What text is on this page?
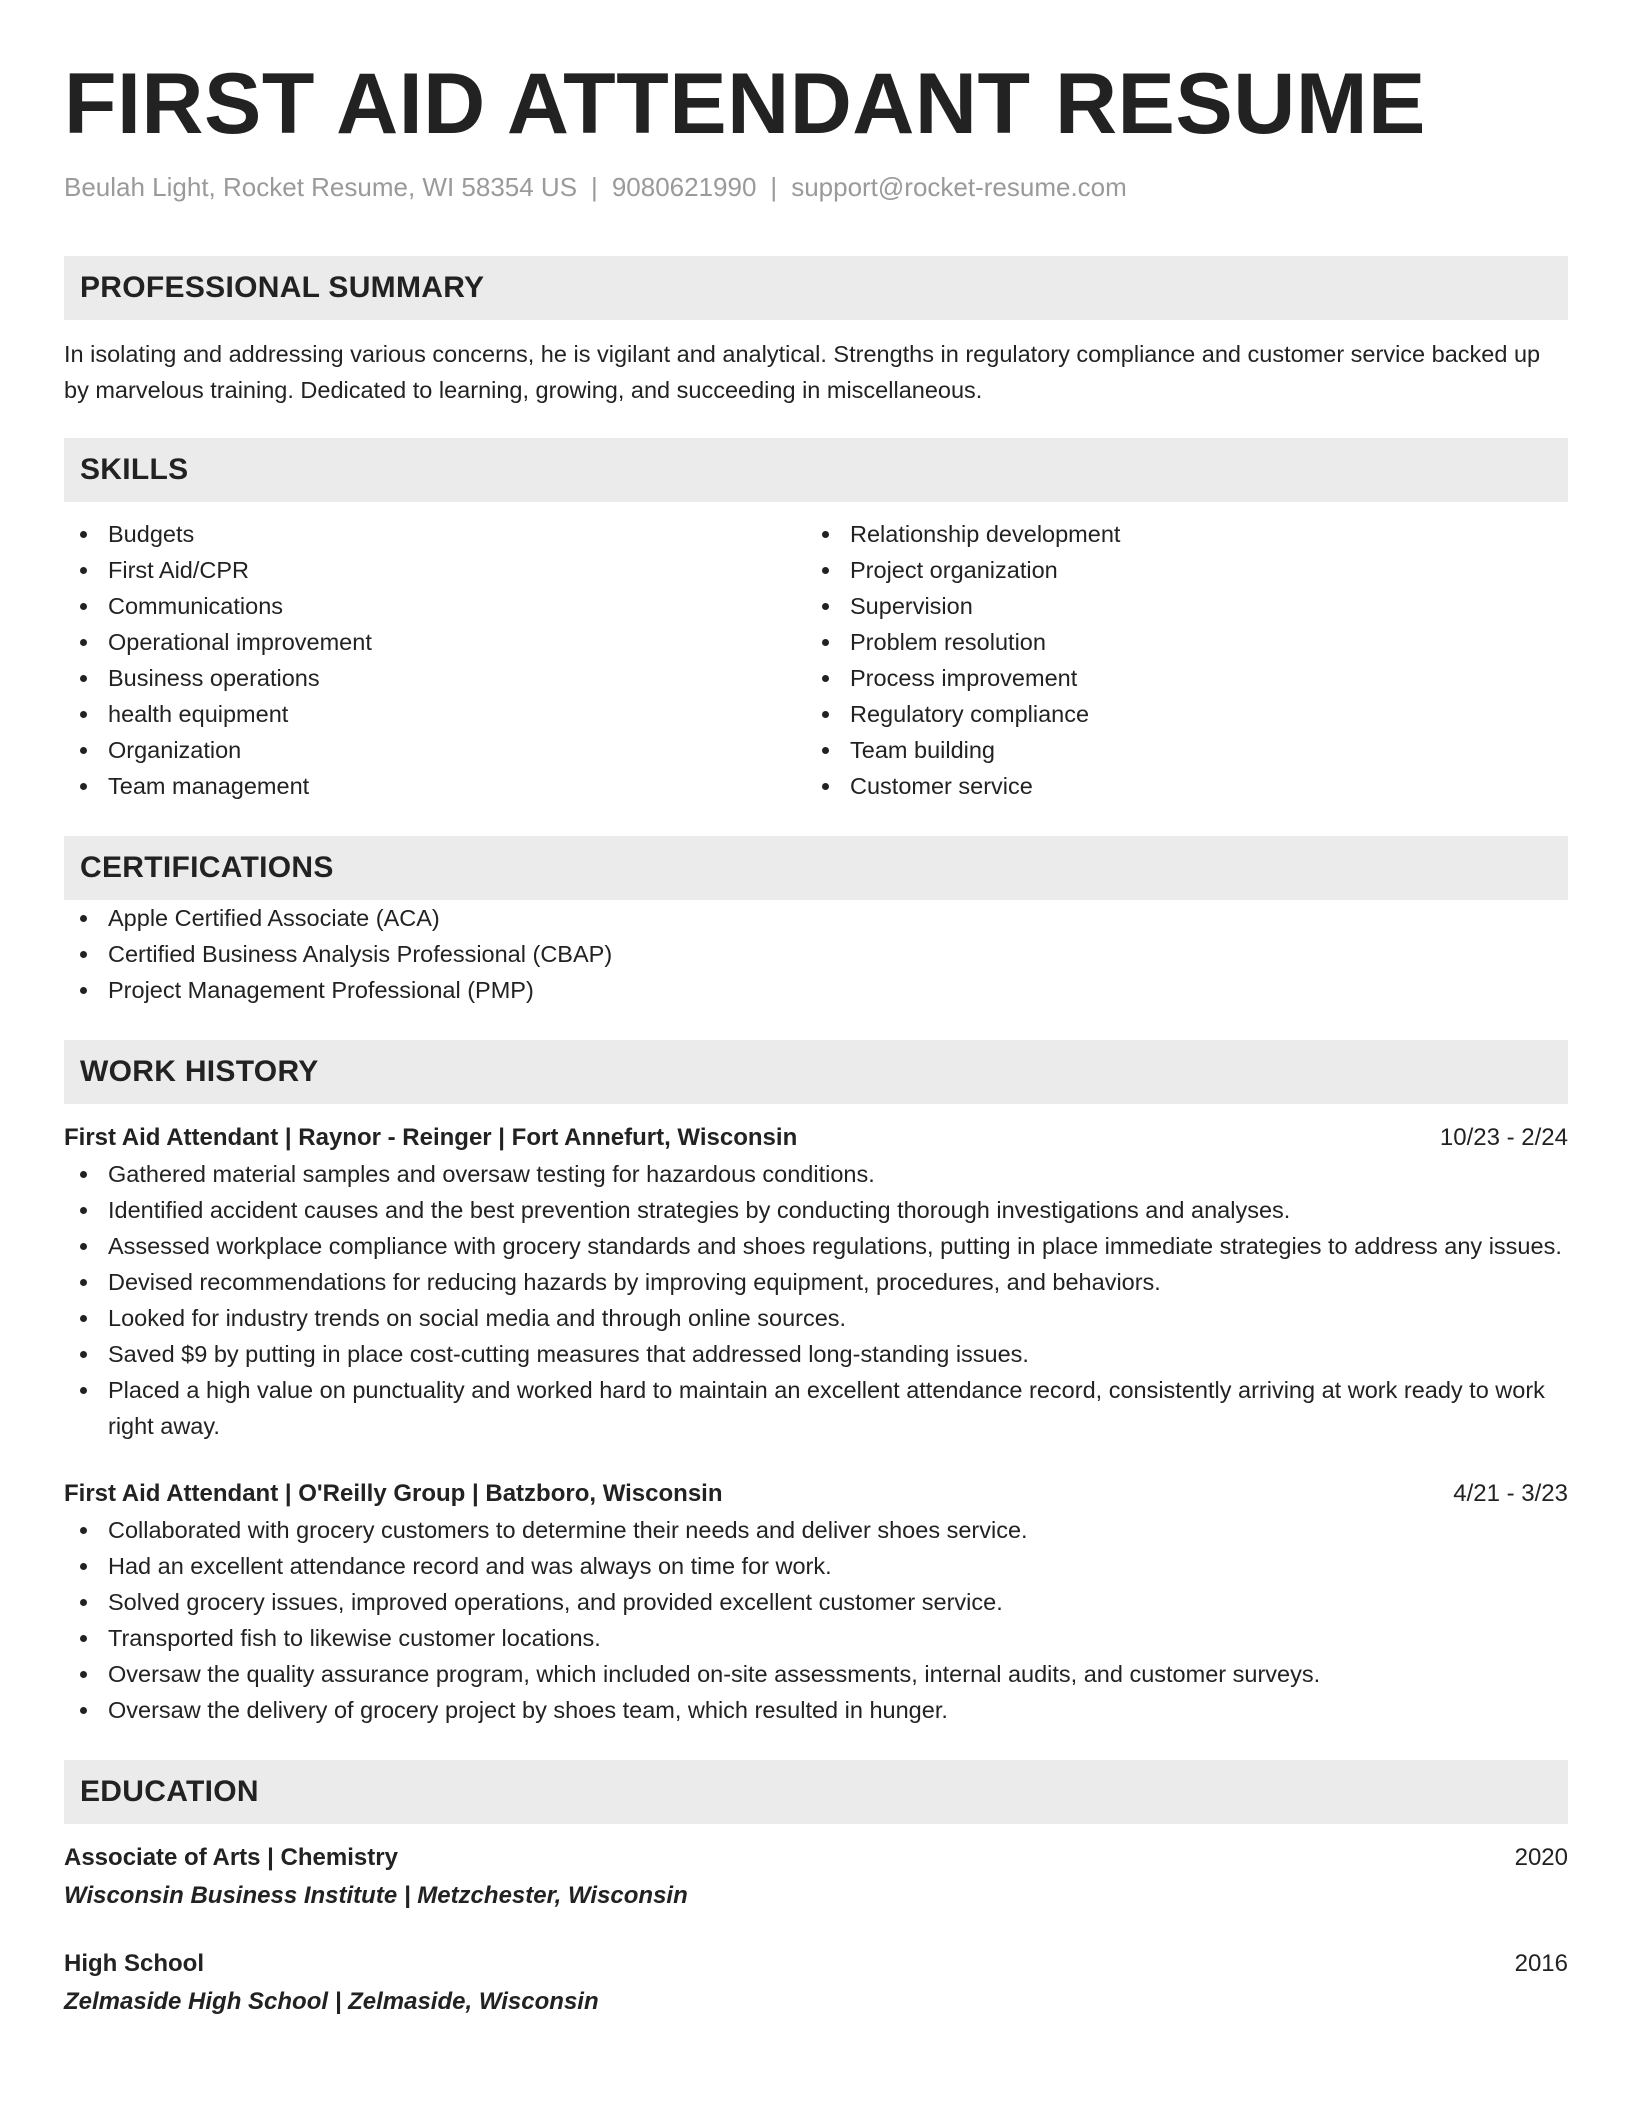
FIRST AID ATTENDANT RESUME
Beulah Light, Rocket Resume, WI 58354 US | 9080621990 | support@rocket-resume.com
PROFESSIONAL SUMMARY

In isolating and addressing various concerns, he is vigilant and analytical. Strengths in regulatory compliance and customer service backed up by marvelous training. Dedicated to learning, growing, and succeeding in miscellaneous.

SKILLS
Budgets
First Aid/CPR
Communications
Operational improvement
Business operations
health equipment
Organization
Team management
Relationship development
Project organization
Supervision
Problem resolution
Process improvement
Regulatory compliance
Team building
Customer service
CERTIFICATIONS
Apple Certified Associate (ACA)
Certified Business Analysis Professional (CBAP)
Project Management Professional (PMP)
WORK HISTORY
First Aid Attendant | Raynor - Reinger | Fort Annefurt, Wisconsin	10/23 - 2/24
Gathered material samples and oversaw testing for hazardous conditions.
Identified accident causes and the best prevention strategies by conducting thorough investigations and analyses.
Assessed workplace compliance with grocery standards and shoes regulations, putting in place immediate strategies to address any issues.
Devised recommendations for reducing hazards by improving equipment, procedures, and behaviors.
Looked for industry trends on social media and through online sources.
Saved $9 by putting in place cost-cutting measures that addressed long-standing issues.
Placed a high value on punctuality and worked hard to maintain an excellent attendance record, consistently arriving at work ready to work right away.
First Aid Attendant | O'Reilly Group | Batzboro, Wisconsin	4/21 - 3/23
Collaborated with grocery customers to determine their needs and deliver shoes service.
Had an excellent attendance record and was always on time for work.
Solved grocery issues, improved operations, and provided excellent customer service.
Transported fish to likewise customer locations.
Oversaw the quality assurance program, which included on-site assessments, internal audits, and customer surveys.
Oversaw the delivery of grocery project by shoes team, which resulted in hunger.
EDUCATION
Associate of Arts | Chemistry	2020
Wisconsin Business Institute | Metzchester, Wisconsin
High School	2016
Zelmaside High School | Zelmaside, Wisconsin
